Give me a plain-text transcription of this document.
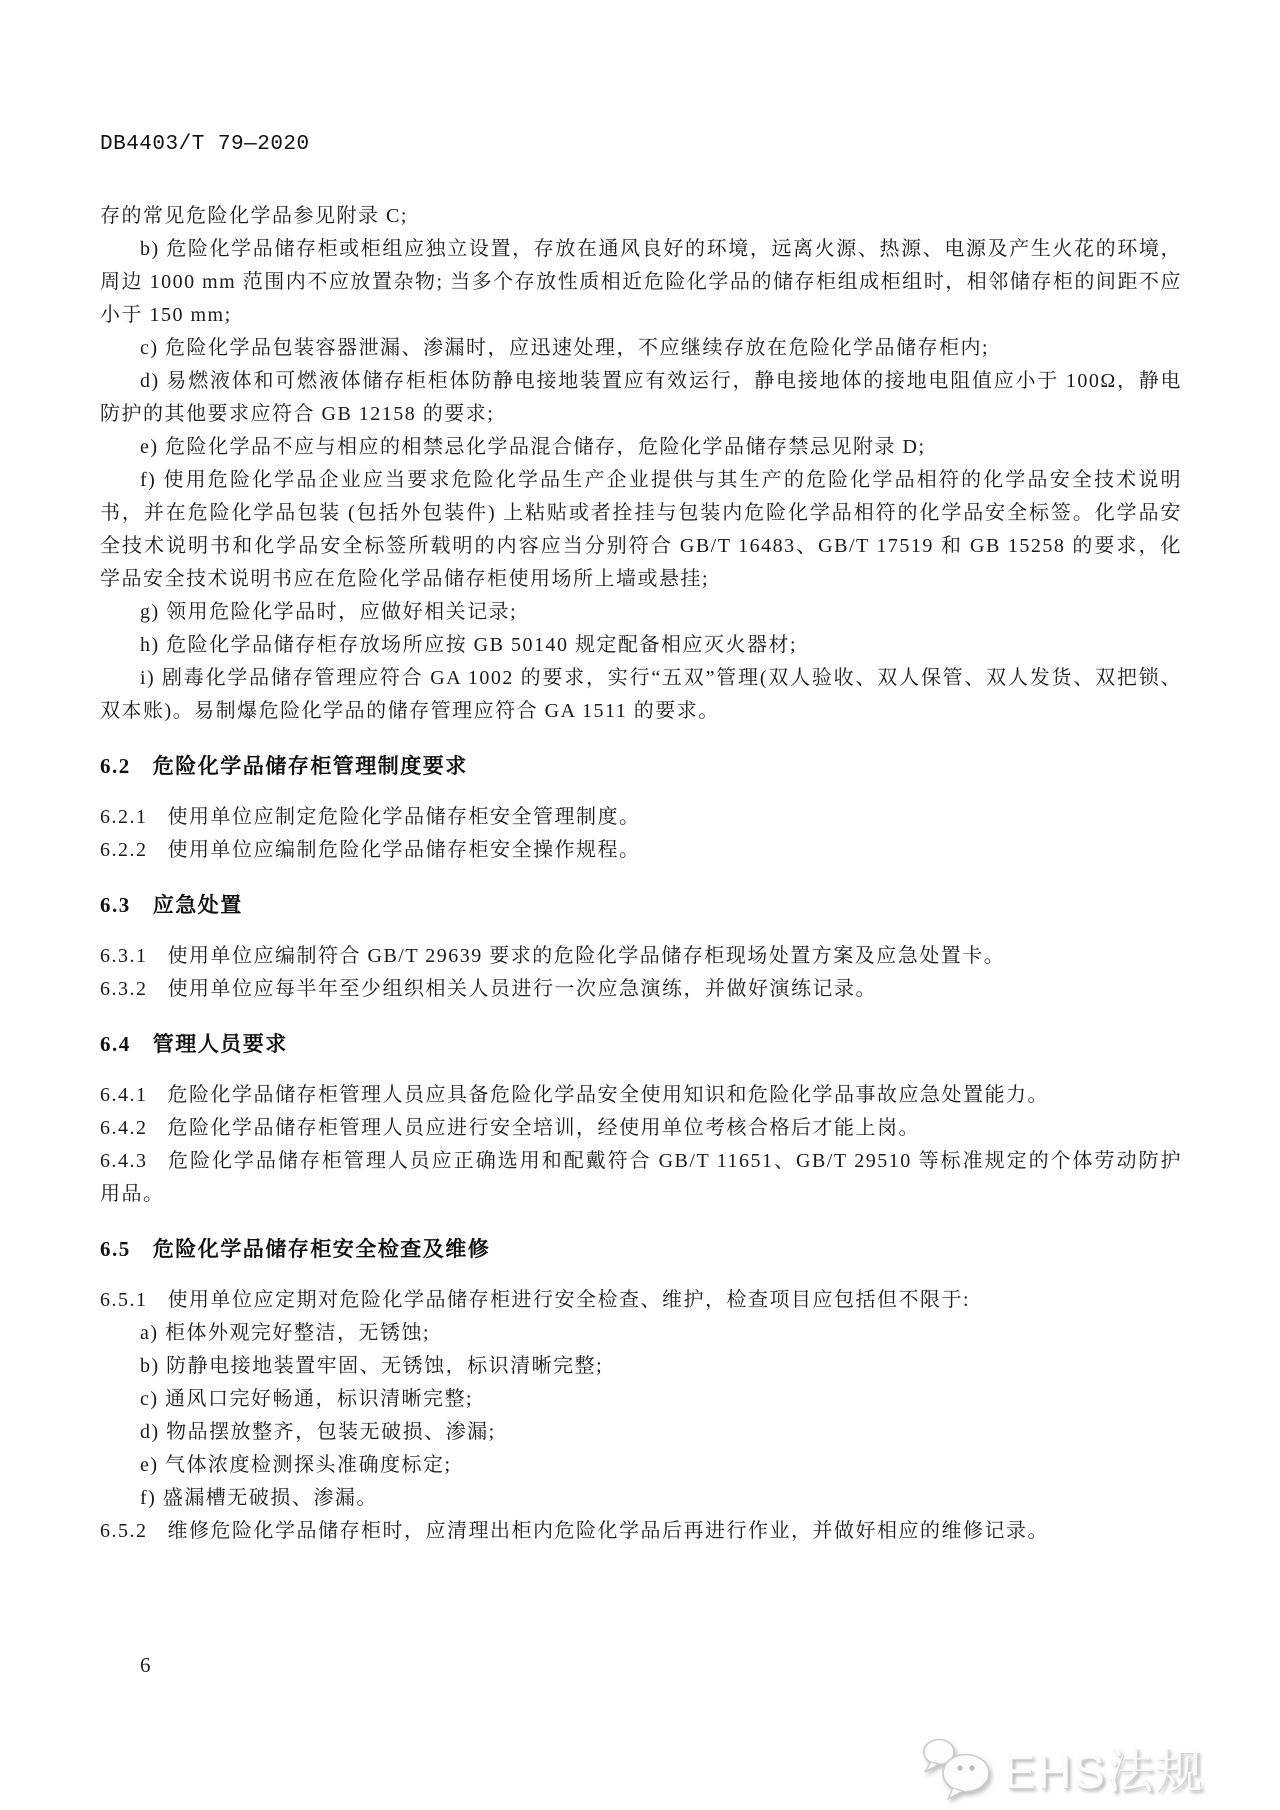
DB4403/T 79—2020

存的常见危险化学品参见附录 C;

b) 危险化学品储存柜或柜组应独立设置，存放在通风良好的环境，远离火源、热源、电源及产生火花的环境，周边 1000 mm 范围内不应放置杂物; 当多个存放性质相近危险化学品的储存柜组成柜组时，相邻储存柜的间距不应小于 150 mm;

c) 危险化学品包装容器泄漏、渗漏时，应迅速处理，不应继续存放在危险化学品储存柜内;

d) 易燃液体和可燃液体储存柜柜体防静电接地装置应有效运行，静电接地体的接地电阻值应小于 100Ω，静电防护的其他要求应符合 GB 12158 的要求;

e) 危险化学品不应与相应的相禁忌化学品混合储存，危险化学品储存禁忌见附录 D;

f) 使用危险化学品企业应当要求危险化学品生产企业提供与其生产的危险化学品相符的化学品安全技术说明书，并在危险化学品包装 (包括外包装件) 上粘贴或者拴挂与包装内危险化学品相符的化学品安全标签。化学品安全技术说明书和化学品安全标签所载明的内容应当分别符合 GB/T 16483、GB/T 17519 和 GB 15258 的要求，化学品安全技术说明书应在危险化学品储存柜使用场所上墙或悬挂;

g) 领用危险化学品时，应做好相关记录;

h) 危险化学品储存柜存放场所应按 GB 50140 规定配备相应灭火器材;

i) 剧毒化学品储存管理应符合 GA 1002 的要求，实行“五双”管理(双人验收、双人保管、双人发货、双把锁、双本账)。易制爆危险化学品的储存管理应符合 GA 1511 的要求。

6.2 危险化学品储存柜管理制度要求

6.2.1 使用单位应制定危险化学品储存柜安全管理制度。

6.2.2 使用单位应编制危险化学品储存柜安全操作规程。

6.3 应急处置

6.3.1 使用单位应编制符合 GB/T 29639 要求的危险化学品储存柜现场处置方案及应急处置卡。

6.3.2 使用单位应每半年至少组织相关人员进行一次应急演练，并做好演练记录。

6.4 管理人员要求

6.4.1 危险化学品储存柜管理人员应具备危险化学品安全使用知识和危险化学品事故应急处置能力。

6.4.2 危险化学品储存柜管理人员应进行安全培训，经使用单位考核合格后才能上岗。

6.4.3 危险化学品储存柜管理人员应正确选用和配戴符合 GB/T 11651、GB/T 29510 等标准规定的个体劳动防护用品。

6.5 危险化学品储存柜安全检查及维修

6.5.1 使用单位应定期对危险化学品储存柜进行安全检查、维护，检查项目应包括但不限于:

a) 柜体外观完好整洁，无锈蚀;

b) 防静电接地装置牢固、无锈蚀，标识清晰完整;

c) 通风口完好畅通，标识清晰完整;

d) 物品摆放整齐，包装无破损、渗漏;

e) 气体浓度检测探头准确度标定;

f) 盛漏槽无破损、渗漏。

6.5.2 维修危险化学品储存柜时，应清理出柜内危险化学品后再进行作业，并做好相应的维修记录。

6
EHS法规
